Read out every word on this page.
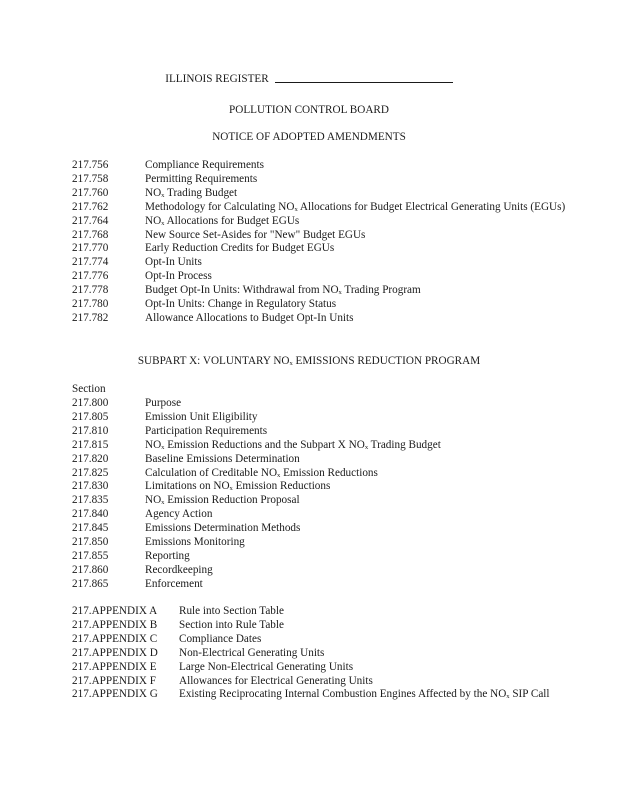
ILLINOIS REGISTER
POLLUTION CONTROL BOARD
NOTICE OF ADOPTED AMENDMENTS
217.756	Compliance Requirements
217.758	Permitting Requirements
217.760	NOₓ Trading Budget
217.762	Methodology for Calculating NOₓ Allocations for Budget Electrical Generating Units (EGUs)
217.764	NOₓ Allocations for Budget EGUs
217.768	New Source Set-Asides for "New" Budget EGUs
217.770	Early Reduction Credits for Budget EGUs
217.774	Opt-In Units
217.776	Opt-In Process
217.778	Budget Opt-In Units: Withdrawal from NOₓ Trading Program
217.780	Opt-In Units: Change in Regulatory Status
217.782	Allowance Allocations to Budget Opt-In Units
SUBPART X: VOLUNTARY NOₓ EMISSIONS REDUCTION PROGRAM
Section
217.800	Purpose
217.805	Emission Unit Eligibility
217.810	Participation Requirements
217.815	NOₓ Emission Reductions and the Subpart X NOₓ Trading Budget
217.820	Baseline Emissions Determination
217.825	Calculation of Creditable NOₓ Emission Reductions
217.830	Limitations on NOₓ Emission Reductions
217.835	NOₓ Emission Reduction Proposal
217.840	Agency Action
217.845	Emissions Determination Methods
217.850	Emissions Monitoring
217.855	Reporting
217.860	Recordkeeping
217.865	Enforcement
217.APPENDIX A	Rule into Section Table
217.APPENDIX B	Section into Rule Table
217.APPENDIX C	Compliance Dates
217.APPENDIX D	Non-Electrical Generating Units
217.APPENDIX E	Large Non-Electrical Generating Units
217.APPENDIX F	Allowances for Electrical Generating Units
217.APPENDIX G	Existing Reciprocating Internal Combustion Engines Affected by the NOₓ SIP Call
